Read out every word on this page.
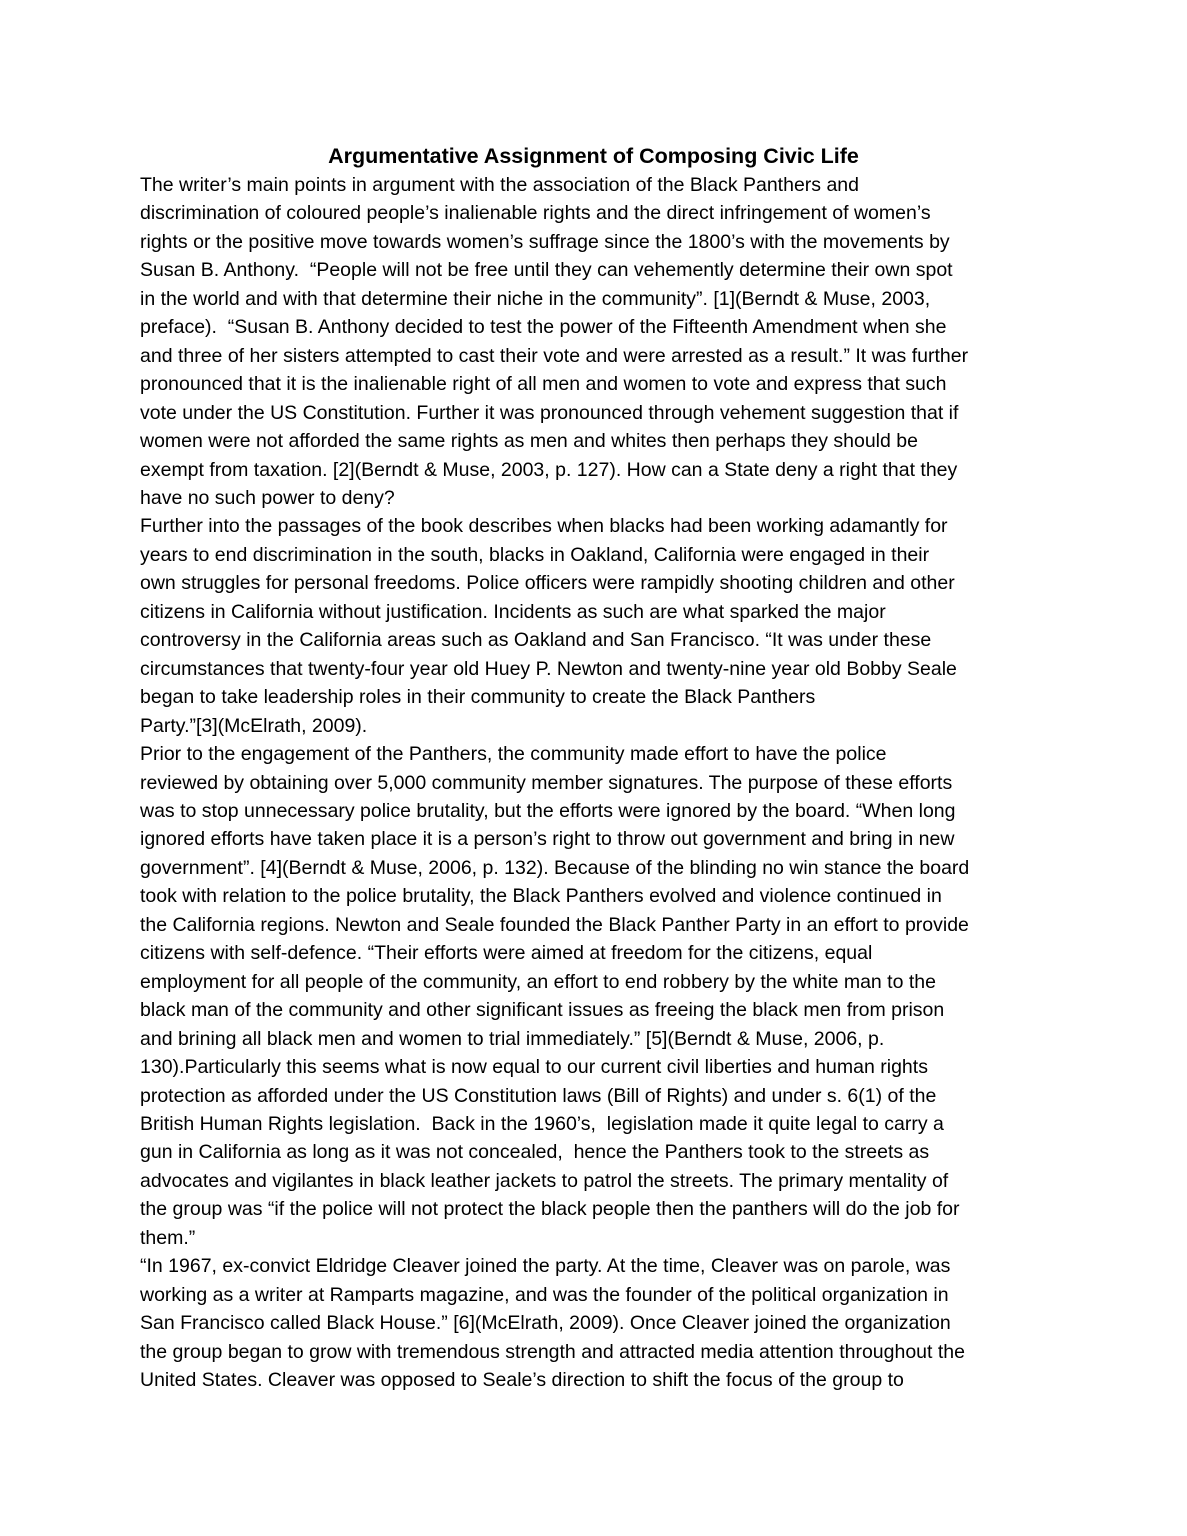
Argumentative Assignment of Composing Civic Life
The writer’s main points in argument with the association of the Black Panthers and
discrimination of coloured people’s inalienable rights and the direct infringement of women’s
rights or the positive move towards women’s suffrage since the 1800’s with the movements by
Susan B. Anthony.  “People will not be free until they can vehemently determine their own spot
in the world and with that determine their niche in the community”. [1](Berndt & Muse, 2003,
preface).  “Susan B. Anthony decided to test the power of the Fifteenth Amendment when she
and three of her sisters attempted to cast their vote and were arrested as a result.” It was further
pronounced that it is the inalienable right of all men and women to vote and express that such
vote under the US Constitution. Further it was pronounced through vehement suggestion that if
women were not afforded the same rights as men and whites then perhaps they should be
exempt from taxation. [2](Berndt & Muse, 2003, p. 127). How can a State deny a right that they
have no such power to deny?
Further into the passages of the book describes when blacks had been working adamantly for
years to end discrimination in the south, blacks in Oakland, California were engaged in their
own struggles for personal freedoms. Police officers were rampidly shooting children and other
citizens in California without justification. Incidents as such are what sparked the major
controversy in the California areas such as Oakland and San Francisco. “It was under these
circumstances that twenty-four year old Huey P. Newton and twenty-nine year old Bobby Seale
began to take leadership roles in their community to create the Black Panthers
Party.”[3](McElrath, 2009).
Prior to the engagement of the Panthers, the community made effort to have the police
reviewed by obtaining over 5,000 community member signatures. The purpose of these efforts
was to stop unnecessary police brutality, but the efforts were ignored by the board. “When long
ignored efforts have taken place it is a person’s right to throw out government and bring in new
government”. [4](Berndt & Muse, 2006, p. 132). Because of the blinding no win stance the board
took with relation to the police brutality, the Black Panthers evolved and violence continued in
the California regions. Newton and Seale founded the Black Panther Party in an effort to provide
citizens with self-defence. “Their efforts were aimed at freedom for the citizens, equal
employment for all people of the community, an effort to end robbery by the white man to the
black man of the community and other significant issues as freeing the black men from prison
and brining all black men and women to trial immediately.” [5](Berndt & Muse, 2006, p.
130).Particularly this seems what is now equal to our current civil liberties and human rights
protection as afforded under the US Constitution laws (Bill of Rights) and under s. 6(1) of the
British Human Rights legislation.  Back in the 1960’s,  legislation made it quite legal to carry a
gun in California as long as it was not concealed,  hence the Panthers took to the streets as
advocates and vigilantes in black leather jackets to patrol the streets. The primary mentality of
the group was “if the police will not protect the black people then the panthers will do the job for
them.”
“In 1967, ex-convict Eldridge Cleaver joined the party. At the time, Cleaver was on parole, was
working as a writer at Ramparts magazine, and was the founder of the political organization in
San Francisco called Black House.” [6](McElrath, 2009). Once Cleaver joined the organization
the group began to grow with tremendous strength and attracted media attention throughout the
United States. Cleaver was opposed to Seale’s direction to shift the focus of the group to
